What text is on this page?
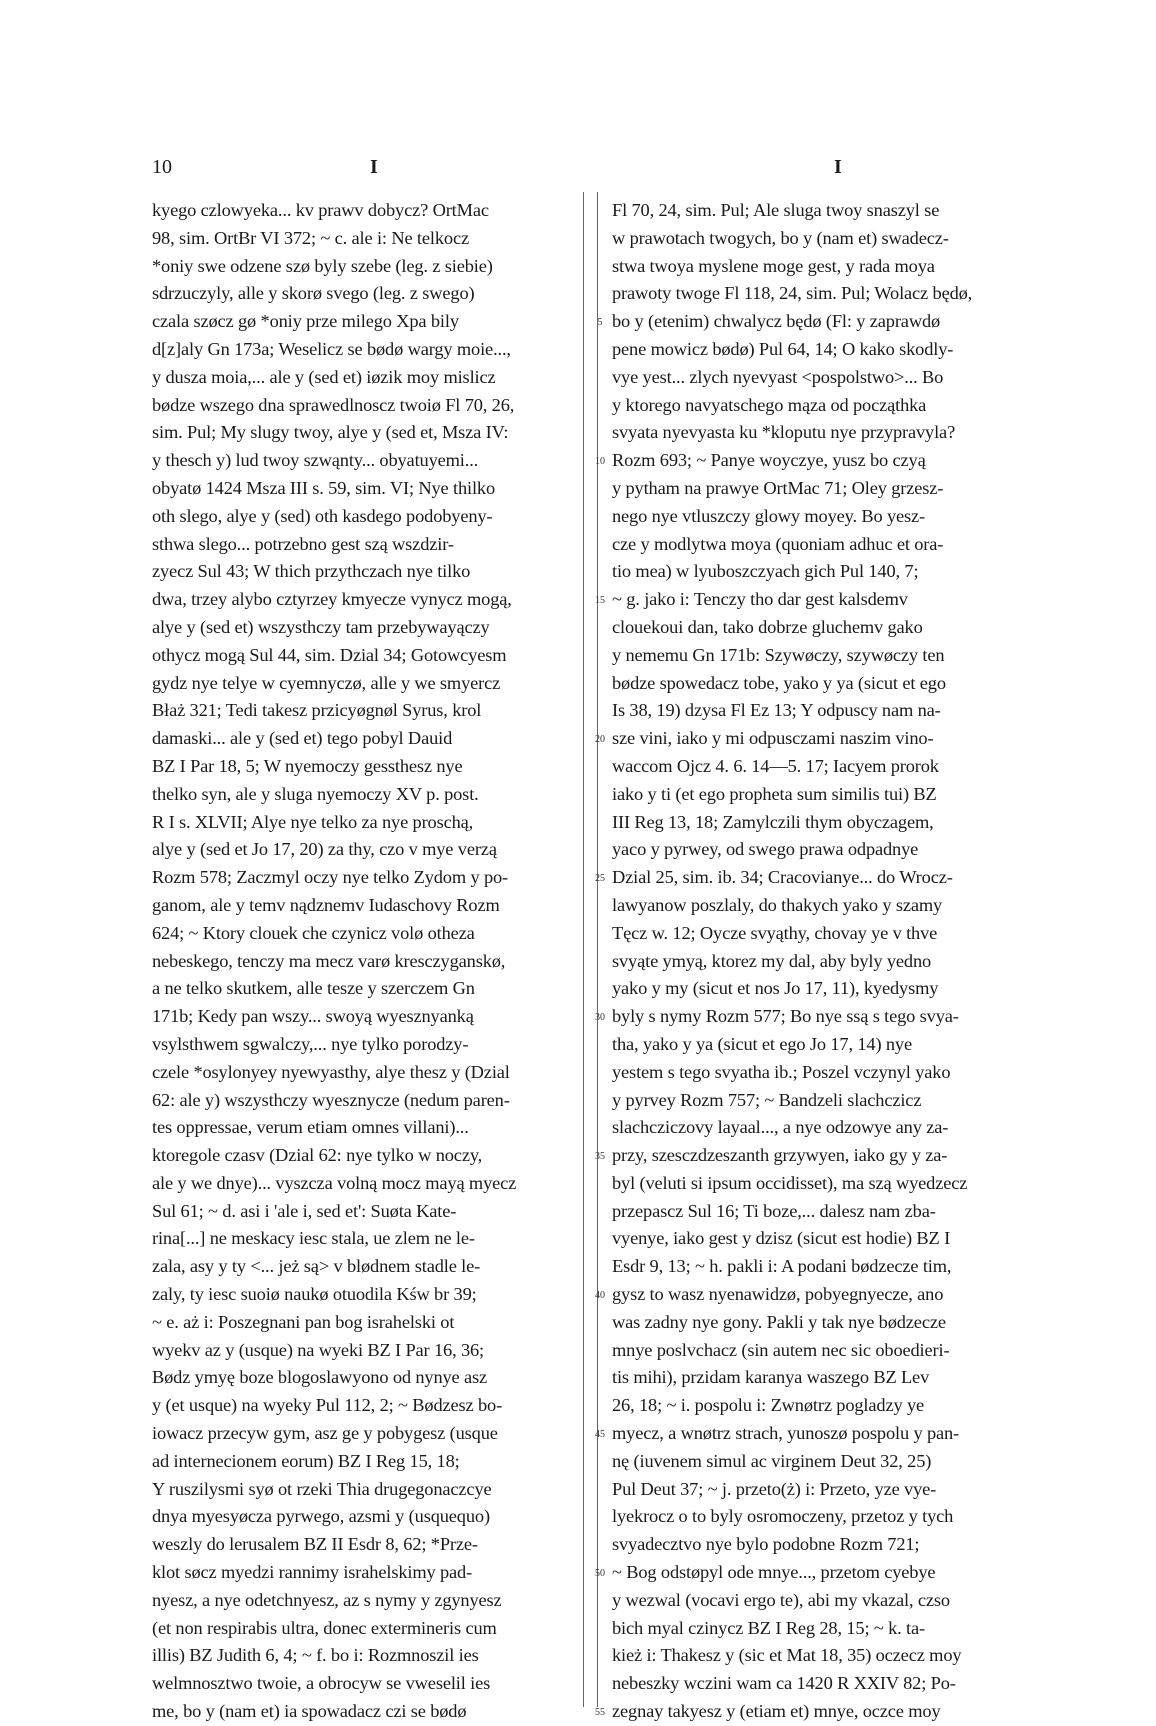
10	I	I
kyego czlowyeka... kv prawv dobycz? OrtMac
98, sim. OrtBr VI 372; ~ c. ale i: Ne telkocz
*oniy swe odzene szø byly szebe (leg. z siebie)
sdrzuczyly, alle y skorø svego (leg. z swego)
czala szøcz gø *oniy prze milego Xpa bily
d[z]aly Gn 173a; Weselicz se bødø wargy moie...,
y dusza moia,... ale y (sed et) iøzik moy mislicz
bødze wszego dna sprawedlnoscz twoiø Fl 70, 26,
sim. Pul; My slugy twoy, alye y (sed et, Msza IV:
y thesch y) lud twoy szwąnty... obyatuyemi...
obyatø 1424 Msza III s. 59, sim. VI; Nye thilko
oth slego, alye y (sed) oth kasdego podobyeny-
sthwa slego... potrzebno gest szą wszdzir-
zyecz Sul 43; W thich przythczach nye tilko
dwa, trzey alybo cztyrzey kmyecze vynycz mogą,
alye y (sed et) wszysthczy tam przebywayączy
othycz mogą Sul 44, sim. Dzial 34; Gotowcyesm
gydz nye telye w cyemnyczø, alle y we smyercz
Błaż 321; Tedi takesz przicyøgnøl Syrus, krol
damaski... ale y (sed et) tego pobyl Dauid
BZ I Par 18, 5; W nyemoczy gessthesz nye
thelko syn, ale y sluga nyemoczy XV p. post.
R I s. XLVII; Alye nye telko za nye proschą,
alye y (sed et Jo 17, 20) za thy, czo v mye verzą
Rozm 578; Zaczmyl oczy nye telko Zydom y po-
ganom, ale y temv nądznemv Iudaschovy Rozm
624; ~ Ktory clouek che czynicz volø otheza
nebeskego, tenczy ma mecz varø kresczyganskø,
a ne telko skutkem, alle tesze y szerczem Gn
171b; Kedy pan wszy... swoyą wyesznyanką
vsylsthwem sgwalczy,... nye tylko porodzy-
czele *osylonyey nyewyasthy, alye thesz y (Dzial
62: ale y) wszysthczy wyesznycze (nedum paren-
tes oppressae, verum etiam omnes villani)...
ktoregole czasv (Dzial 62: nye tylko w noczy,
ale y we dnye)... vyszcza volną mocz mayą myecz
Sul 61; ~ d. asi i 'ale i, sed et': Suøta Kate-
rina[...] ne meskacy iesc stala, ue zlem ne le-
zala, asy y ty <... jeż są> v blødnem stadle le-
zaly, ty iesc suoiø naukø otuodila Kśw br 39;
~ e. aż i: Poszegnani pan bog israhelski ot
wyekv az y (usque) na wyeki BZ I Par 16, 36;
Bødz ymyę boze blogoslawyono od nynye asz
y (et usque) na wyeky Pul 112, 2; ~ Bødzesz bo-
iowacz przecyw gym, asz ge y pobygesz (usque
ad internecionem eorum) BZ I Reg 15, 18;
Y ruszilysmi syø ot rzeki Thia drugegonaczcye
dnya myesyøcza pyrwego, azsmi y (usquequo)
weszly do lerusalem BZ II Esdr 8, 62; *Prze-
klot søcz myedzi rannimy israhelskimy pad-
nyesz, a nye odetchnyesz, az s nymy y zgynyesz
(et non respirabis ultra, donec extermineris cum
illis) BZ Judith 6, 4; ~ f. bo i: Rozmnoszil ies
welmnosztwo twoie, a obrocyw se vweselil ies
me, bo y (nam et) ia spowadacz czi se bødø
5
10
15
20
25
30
35
40
45
50
55
Fl 70, 24, sim. Pul; Ale sluga twoy snaszyl se
w prawotach twogych, bo y (nam et) swadecz-
stwa twoya myslene moge gest, y rada moya
prawoty twoge Fl 118, 24, sim. Pul; Wolacz będø,
bo y (etenim) chwalycz będø (Fl: y zaprawdø
pene mowicz bødø) Pul 64, 14; O kako skodly-
vye yest... zlych nyevyast <pospolstwo>... Bo
y ktorego navyatschego mąza od począthka
svyata nyevyasta ku *kloputu nye przypravyla?
Rozm 693; ~ Panye woyczye, yusz bo czyą
y pytham na prawye OrtMac 71; Oley grzesz-
nego nye vtluszczy glowy moyey. Bo yesz-
cze y modlytwa moya (quoniam adhuc et ora-
tio mea) w lyuboszczyach gich Pul 140, 7;
~ g. jako i: Tenczy tho dar gest kalsdemv
clouekoui dan, tako dobrze gluchemv gako
y nememu Gn 171b: Szywøczy, szywøczy ten
bødze spowedacz tobe, yako y ya (sicut et ego
Is 38, 19) dzysa Fl Ez 13; Y odpuscy nam na-
sze vini, iako y mi odpusczami naszim vino-
waccom Ojcz 4. 6. 14—5. 17; Iacyem prorok
iako y ti (et ego propheta sum similis tui) BZ
III Reg 13, 18; Zamylczili thym obyczagem,
yaco y pyrwey, od swego prawa odpadnye
Dzial 25, sim. ib. 34; Cracovianye... do Wrocz-
lawyanow poszlaly, do thakych yako y szamy
Tęcz w. 12; Oycze svyąthy, chovay ye v thve
svyąte ymyą, ktorez my dal, aby byly yedno
yako y my (sicut et nos Jo 17, 11), kyedysmy
byly s nymy Rozm 577; Bo nye ssą s tego svya-
tha, yako y ya (sicut et ego Jo 17, 14) nye
yestem s tego svyatha ib.; Poszel vczynyl yako
y pyrvey Rozm 757; ~ Bandzeli slachczicz
slachcziczovy layaal..., a nye odzowye any za-
przy, szesczdzeszanth grzywyen, iako gy y za-
byl (veluti si ipsum occidisset), ma szą wyedzecz
przepascz Sul 16; Ti boze,... dalesz nam zba-
vyenye, iako gest y dzisz (sicut est hodie) BZ I
Esdr 9, 13; ~ h. pakli i: A podani bødzecze tim,
gysz to wasz nyenawidzø, pobyegnyecze, ano
was zadny nye gony. Pakli y tak nye bødzecze
mnye poslvchacz (sin autem nec sic oboedieri-
tis mihi), przidam karanya waszego BZ Lev
26, 18; ~ i. pospolu i: Zwnøtrz pogladzy ye
myecz, a wnøtrz strach, yunoszø pospolu y pan-
nę (iuvenem simul ac virginem Deut 32, 25)
Pul Deut 37; ~ j. przeto(ż) i: Przeto, yze vye-
lyekrocz o to byly osromoczeny, przetoz y tych
svyadecztvo nye bylo podobne Rozm 721;
~ Bog odstøpyl ode mnye..., przetom cyebye
y wezwal (vocavi ergo te), abi my vkazal, czso
bich myal czinycz BZ I Reg 28, 15; ~ k. ta-
kież i: Thakesz y (sic et Mat 18, 35) oczecz moy
nebeszky wczini wam ca 1420 R XXIV 82; Po-
zegnay takyesz y (etiam et) mnye, oczce moy
